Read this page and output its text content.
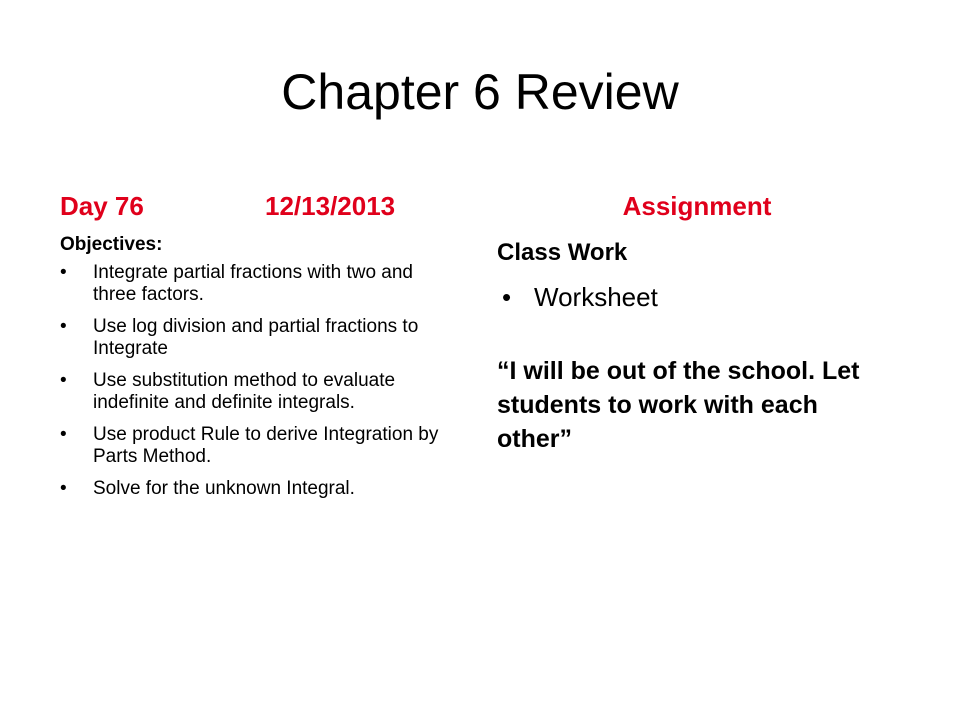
Chapter 6 Review
Day 76	12/13/2013	Assignment
Objectives:
• Integrate partial fractions with two and three factors.
• Use log division and partial fractions to Integrate
• Use substitution method to evaluate indefinite and definite integrals.
• Use product Rule to derive Integration by Parts Method.
• Solve for the unknown Integral.
Class Work
• Worksheet
“I will be out of the school. Let students to work with each other”
